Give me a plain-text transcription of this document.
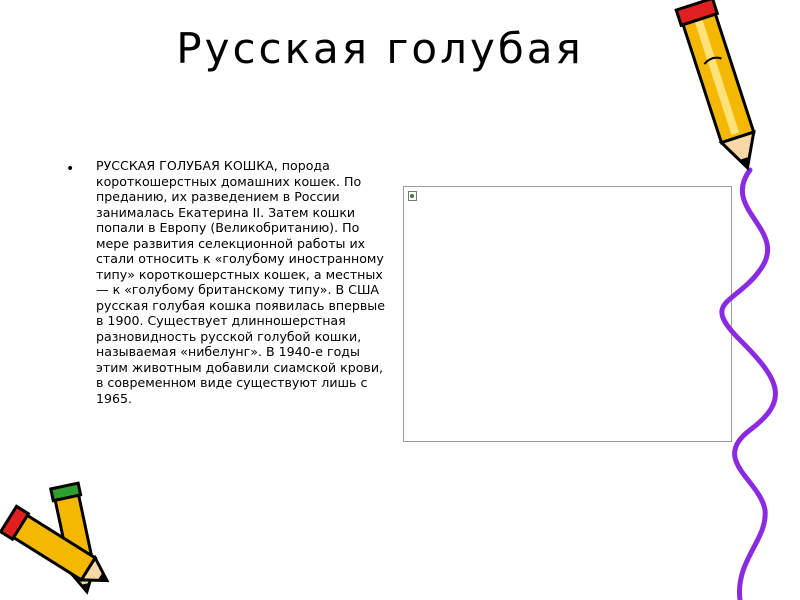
Русская голубая
• РУССКАЯ ГОЛУБАЯ КОШКА, порода короткошерстных домашних кошек. По преданию, их разведением в России занималась Екатерина II. Затем кошки попали в Европу (Великобританию). По мере развития селекционной работы их стали относить к «голубому иностранному типу» короткошерстных кошек, а местных — к «голубому британскому типу». В США русская голубая кошка появилась впервые в 1900. Существует длинношерстная разновидность русской голубой кошки, называемая «нибелунг». В 1940-е годы этим животным добавили сиамской крови, в современном виде существуют лишь с 1965.
